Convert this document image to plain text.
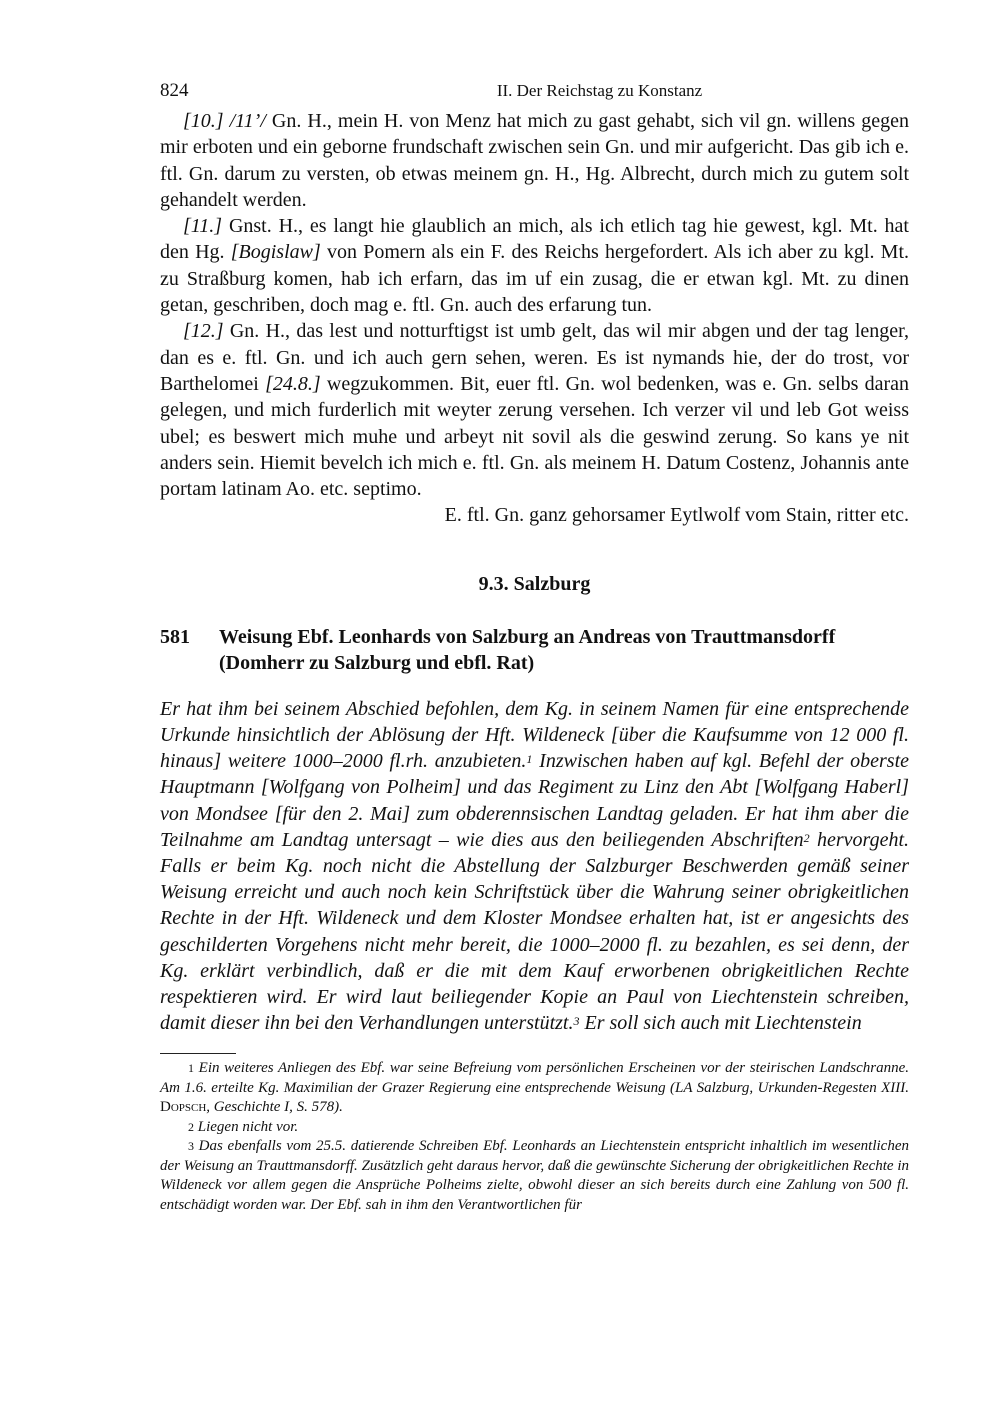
824	II. Der Reichstag zu Konstanz

[10.] /11’/ Gn. H., mein H. von Menz hat mich zu gast gehabt, sich vil gn. willens gegen mir erboten und ein geborne frundschaft zwischen sein Gn. und mir aufgericht. Das gib ich e. ftl. Gn. darum zu versten, ob etwas meinem gn. H., Hg. Albrecht, durch mich zu gutem solt gehandelt werden.

[11.] Gnst. H., es langt hie glaublich an mich, als ich etlich tag hie gewest, kgl. Mt. hat den Hg. [Bogislaw] von Pomern als ein F. des Reichs hergefordert. Als ich aber zu kgl. Mt. zu Straßburg komen, hab ich erfarn, das im uf ein zusag, die er etwan kgl. Mt. zu dinen getan, geschriben, doch mag e. ftl. Gn. auch des erfarung tun.

[12.] Gn. H., das lest und notturftigst ist umb gelt, das wil mir abgen und der tag lenger, dan es e. ftl. Gn. und ich auch gern sehen, weren. Es ist nymands hie, der do trost, vor Barthelomei [24.8.] wegzukommen. Bit, euer ftl. Gn. wol bedenken, was e. Gn. selbs daran gelegen, und mich furderlich mit weyter zerung versehen. Ich verzer vil und leb Got weiss ubel; es beswert mich muhe und arbeyt nit sovil als die geswind zerung. So kans ye nit anders sein. Hiemit bevelch ich mich e. ftl. Gn. als meinem H. Datum Costenz, Johannis ante portam latinam Ao. etc. septimo.

E. ftl. Gn. ganz gehorsamer Eytlwolf vom Stain, ritter etc.

9.3. Salzburg
581 Weisung Ebf. Leonhards von Salzburg an Andreas von Trauttmansdorff (Domherr zu Salzburg und ebfl. Rat)
Er hat ihm bei seinem Abschied befohlen, dem Kg. in seinem Namen für eine entsprechende Urkunde hinsichtlich der Ablösung der Hft. Wildeneck [über die Kaufsumme von 12 000 fl. hinaus] weitere 1000–2000 fl.rh. anzubieten.$^1$ Inzwischen haben auf kgl. Befehl der oberste Hauptmann [Wolfgang von Polheim] und das Regiment zu Linz den Abt [Wolfgang Haberl] von Mondsee [für den 2. Mai] zum obderennsischen Landtag geladen. Er hat ihm aber die Teilnahme am Landtag untersagt – wie dies aus den beiliegenden Abschriften$^2$ hervorgeht. Falls er beim Kg. noch nicht die Abstellung der Salzburger Beschwerden gemäß seiner Weisung erreicht und auch noch kein Schriftstück über die Wahrung seiner obrigkeitlichen Rechte in der Hft. Wildeneck und dem Kloster Mondsee erhalten hat, ist er angesichts des geschilderten Vorgehens nicht mehr bereit, die 1000–2000 fl. zu bezahlen, es sei denn, der Kg. erklärt verbindlich, daß er die mit dem Kauf erworbenen obrigkeitlichen Rechte respektieren wird. Er wird laut beiliegender Kopie an Paul von Liechtenstein schreiben, damit dieser ihn bei den Verhandlungen unterstützt.$^3$ Er soll sich auch mit Liechtenstein

$^1$ Ein weiteres Anliegen des Ebf. war seine Befreiung vom persönlichen Erscheinen vor der steirischen Landschranne. Am 1.6. erteilte Kg. Maximilian der Grazer Regierung eine entsprechende Weisung (LA Salzburg, Urkunden-Regesten XIII. Dopsch, Geschichte I, S. 578).

$^2$ Liegen nicht vor.

$^3$ Das ebenfalls vom 25.5. datierende Schreiben Ebf. Leonhards an Liechtenstein entspricht inhaltlich im wesentlichen der Weisung an Trauttmansdorff. Zusätzlich geht daraus hervor, daß die gewünschte Sicherung der obrigkeitlichen Rechte in Wildeneck vor allem gegen die Ansprüche Polheims zielte, obwohl dieser an sich bereits durch eine Zahlung von 500 fl. entschädigt worden war. Der Ebf. sah in ihm den Verantwortlichen für
